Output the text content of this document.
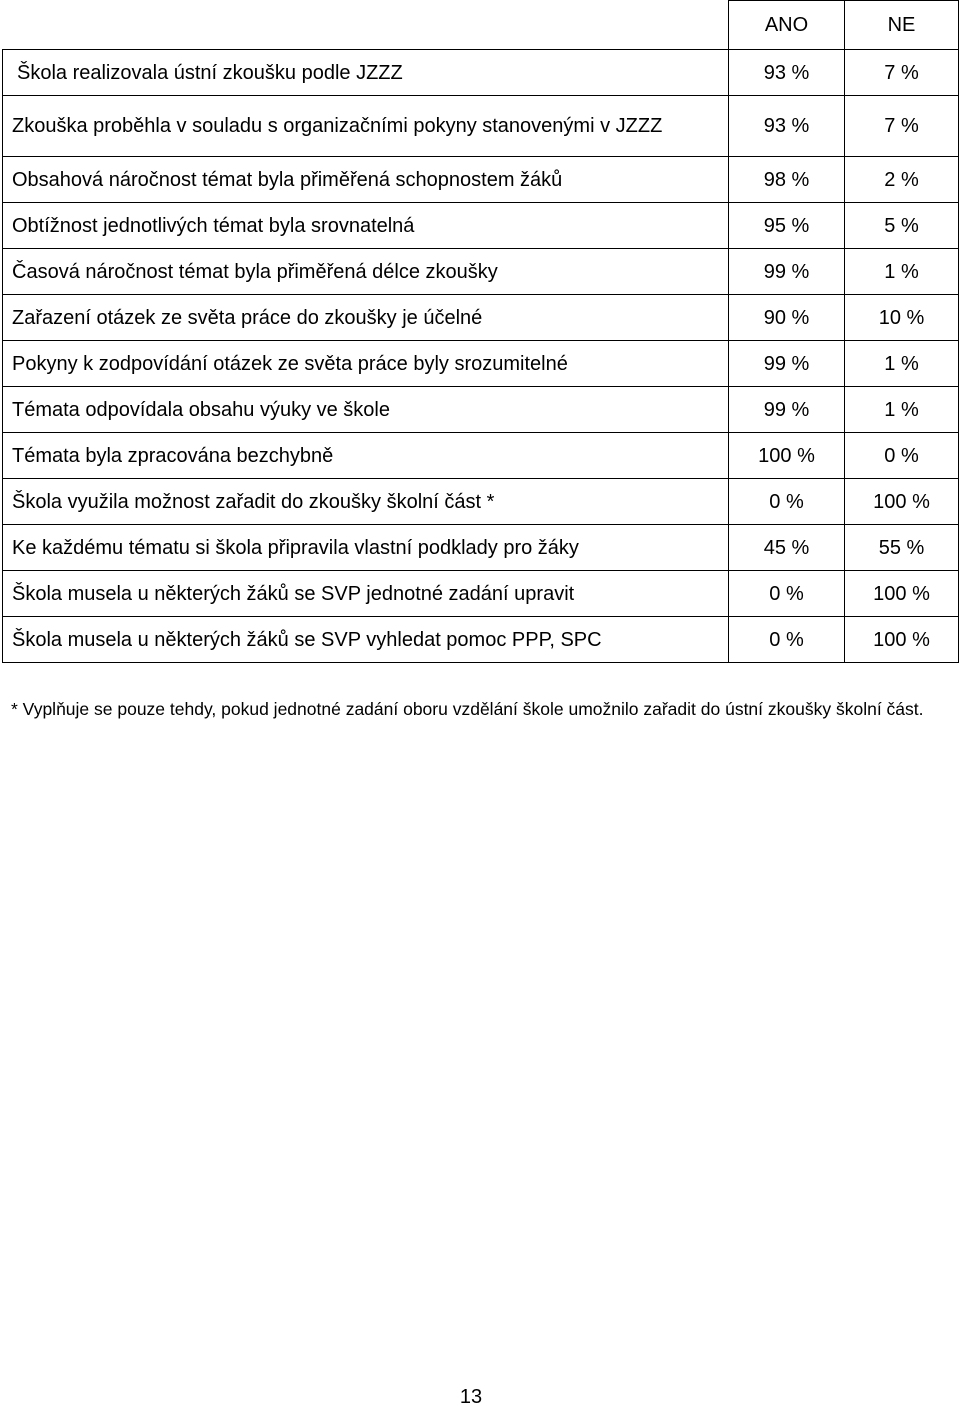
	ANO	NE
Škola realizovala ústní zkoušku podle JZZZ	93 %	7 %
Zkouška proběhla v souladu s organizačními pokyny stanovenými v JZZZ	93 %	7 %
Obsahová náročnost témat byla přiměřená schopnostem žáků	98 %	2 %
Obtížnost jednotlivých témat byla srovnatelná	95 %	5 %
Časová náročnost témat byla přiměřená délce zkoušky	99 %	1 %
Zařazení otázek ze světa práce do zkoušky je účelné	90 %	10 %
Pokyny k zodpovídání otázek ze světa práce byly srozumitelné	99 %	1 %
Témata odpovídala obsahu výuky ve škole	99 %	1 %
Témata byla zpracována bezchybně	100 %	0 %
Škola využila možnost zařadit do zkoušky školní část *	0 %	100 %
Ke každému tématu si škola připravila vlastní podklady pro žáky	45 %	55 %
Škola musela u některých žáků se SVP jednotné zadání upravit	0 %	100 %
Škola musela u některých žáků se SVP vyhledat pomoc PPP, SPC	0 %	100 %
* Vyplňuje se pouze tehdy, pokud jednotné zadání oboru vzdělání škole umožnilo zařadit do ústní zkoušky školní část.
13
